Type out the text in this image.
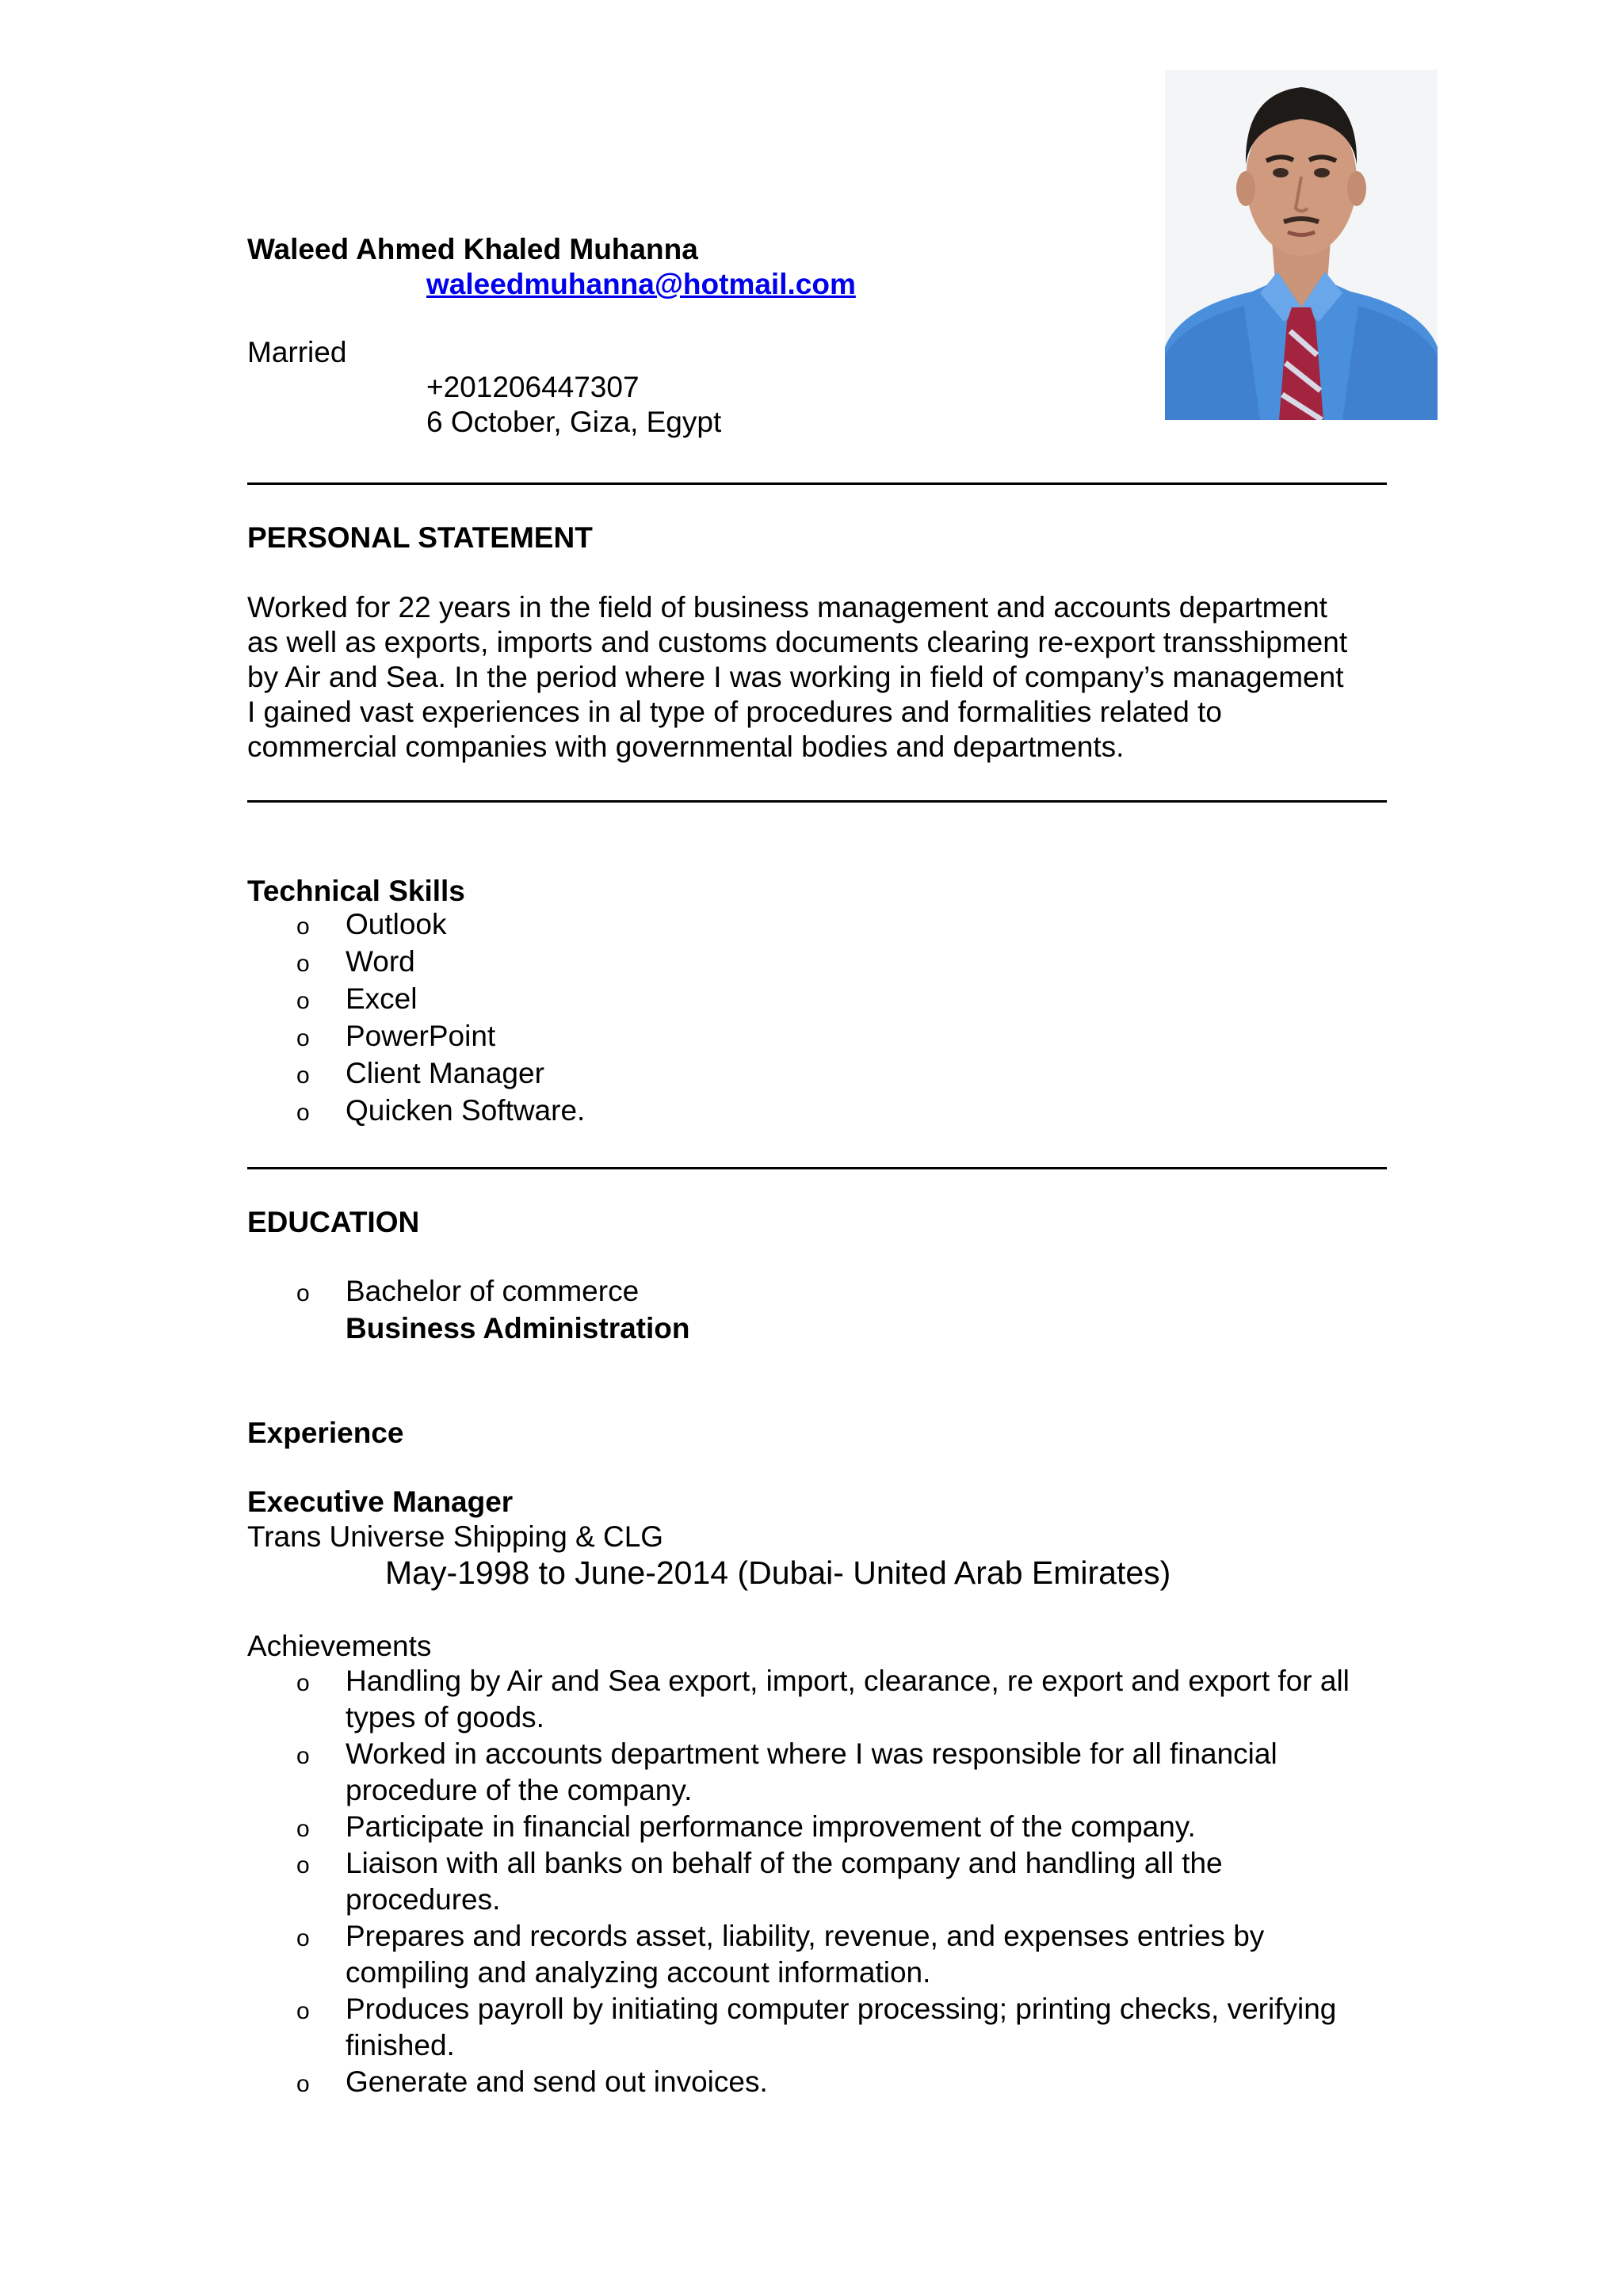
Waleed Ahmed Khaled Muhanna
waleedmuhanna@hotmail.com
Married
+201206447307
6 October, Giza, Egypt
PERSONAL STATEMENT
Worked for 22 years in the field of business management and accounts department
as well as exports, imports and customs documents clearing re-export transshipment
by Air and Sea. In the period where I was working in field of company’s management
I gained vast experiences in al type of procedures and formalities related to
commercial companies with governmental bodies and departments.
Technical Skills
o Outlook
o Word
o Excel
o PowerPoint
o Client Manager
o Quicken Software.
EDUCATION
o Bachelor of commerce
Business Administration
Experience
Executive Manager
Trans Universe Shipping & CLG
May-1998 to June-2014 (Dubai- United Arab Emirates)
Achievements
o Handling by Air and Sea export, import, clearance, re export and export for all
types of goods.
o Worked in accounts department where I was responsible for all financial
procedure of the company.
o Participate in financial performance improvement of the company.
o Liaison with all banks on behalf of the company and handling all the
procedures.
o Prepares and records asset, liability, revenue, and expenses entries by
compiling and analyzing account information.
o Produces payroll by initiating computer processing; printing checks, verifying
finished.
o Generate and send out invoices.
